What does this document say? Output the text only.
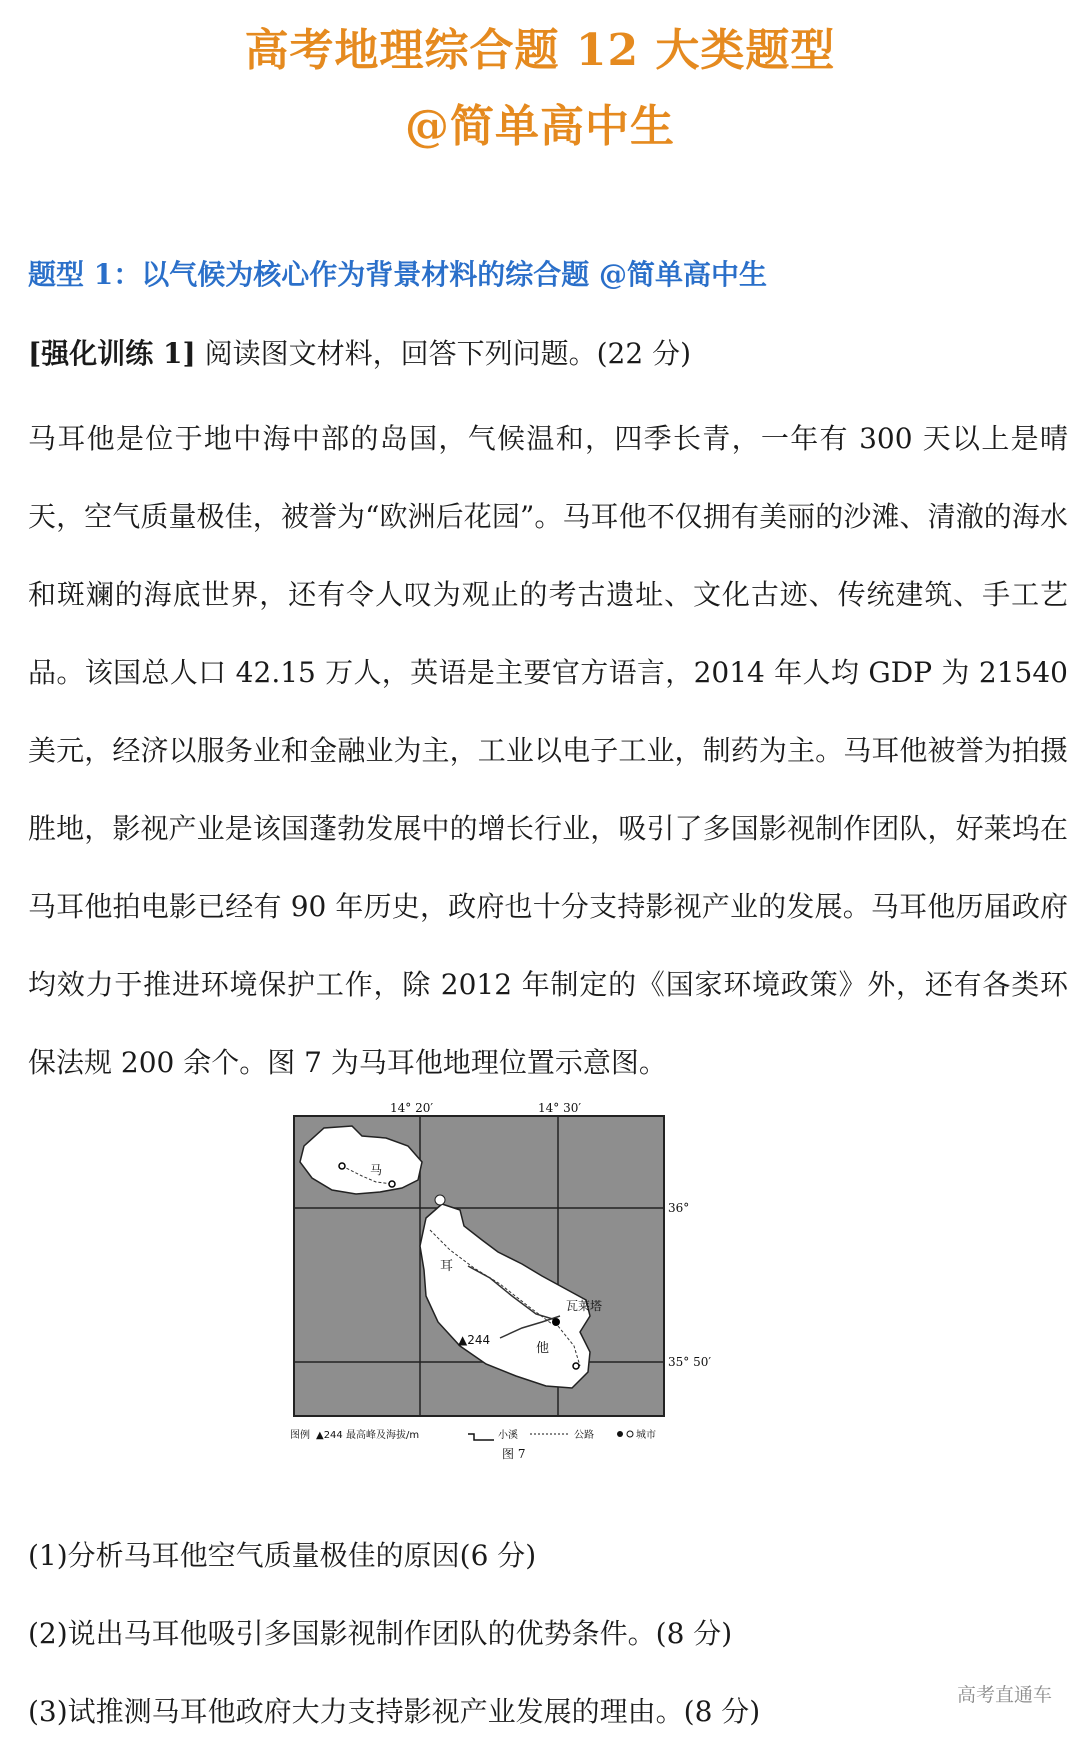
高考地理综合题 12 大类题型
@简单高中生
题型 1：以气候为核心作为背景材料的综合题 @简单高中生
[强化训练 1] 阅读图文材料，回答下列问题。(22 分)
马耳他是位于地中海中部的岛国，气候温和，四季长青，一年有 300 天以上是晴天，空气质量极佳，被誉为“欧洲后花园”。马耳他不仅拥有美丽的沙滩、清澈的海水和斑斓的海底世界，还有令人叹为观止的考古遗址、文化古迹、传统建筑、手工艺品。该国总人口 42.15 万人，英语是主要官方语言，2014 年人均 GDP 为 21540 美元，经济以服务业和金融业为主，工业以电子工业，制药为主。马耳他被誉为拍摄胜地，影视产业是该国蓬勃发展中的增长行业，吸引了多国影视制作团队，好莱坞在马耳他拍电影已经有 90 年历史，政府也十分支持影视产业的发展。马耳他历届政府均效力于推进环境保护工作，除 2012 年制定的《国家环境政策》外，还有各类环保法规 200 余个。图 7 为马耳他地理位置示意图。
14° 20′	14° 30′
36°
35° 50′
马
耳
他
瓦莱塔
▲244
图例 ▲244 最高峰及海拔/m	小溪	公路	城市
图 7
(1)分析马耳他空气质量极佳的原因(6 分)
(2)说出马耳他吸引多国影视制作团队的优势条件。(8 分)
(3)试推测马耳他政府大力支持影视产业发展的理由。(8 分)	高考直通车
